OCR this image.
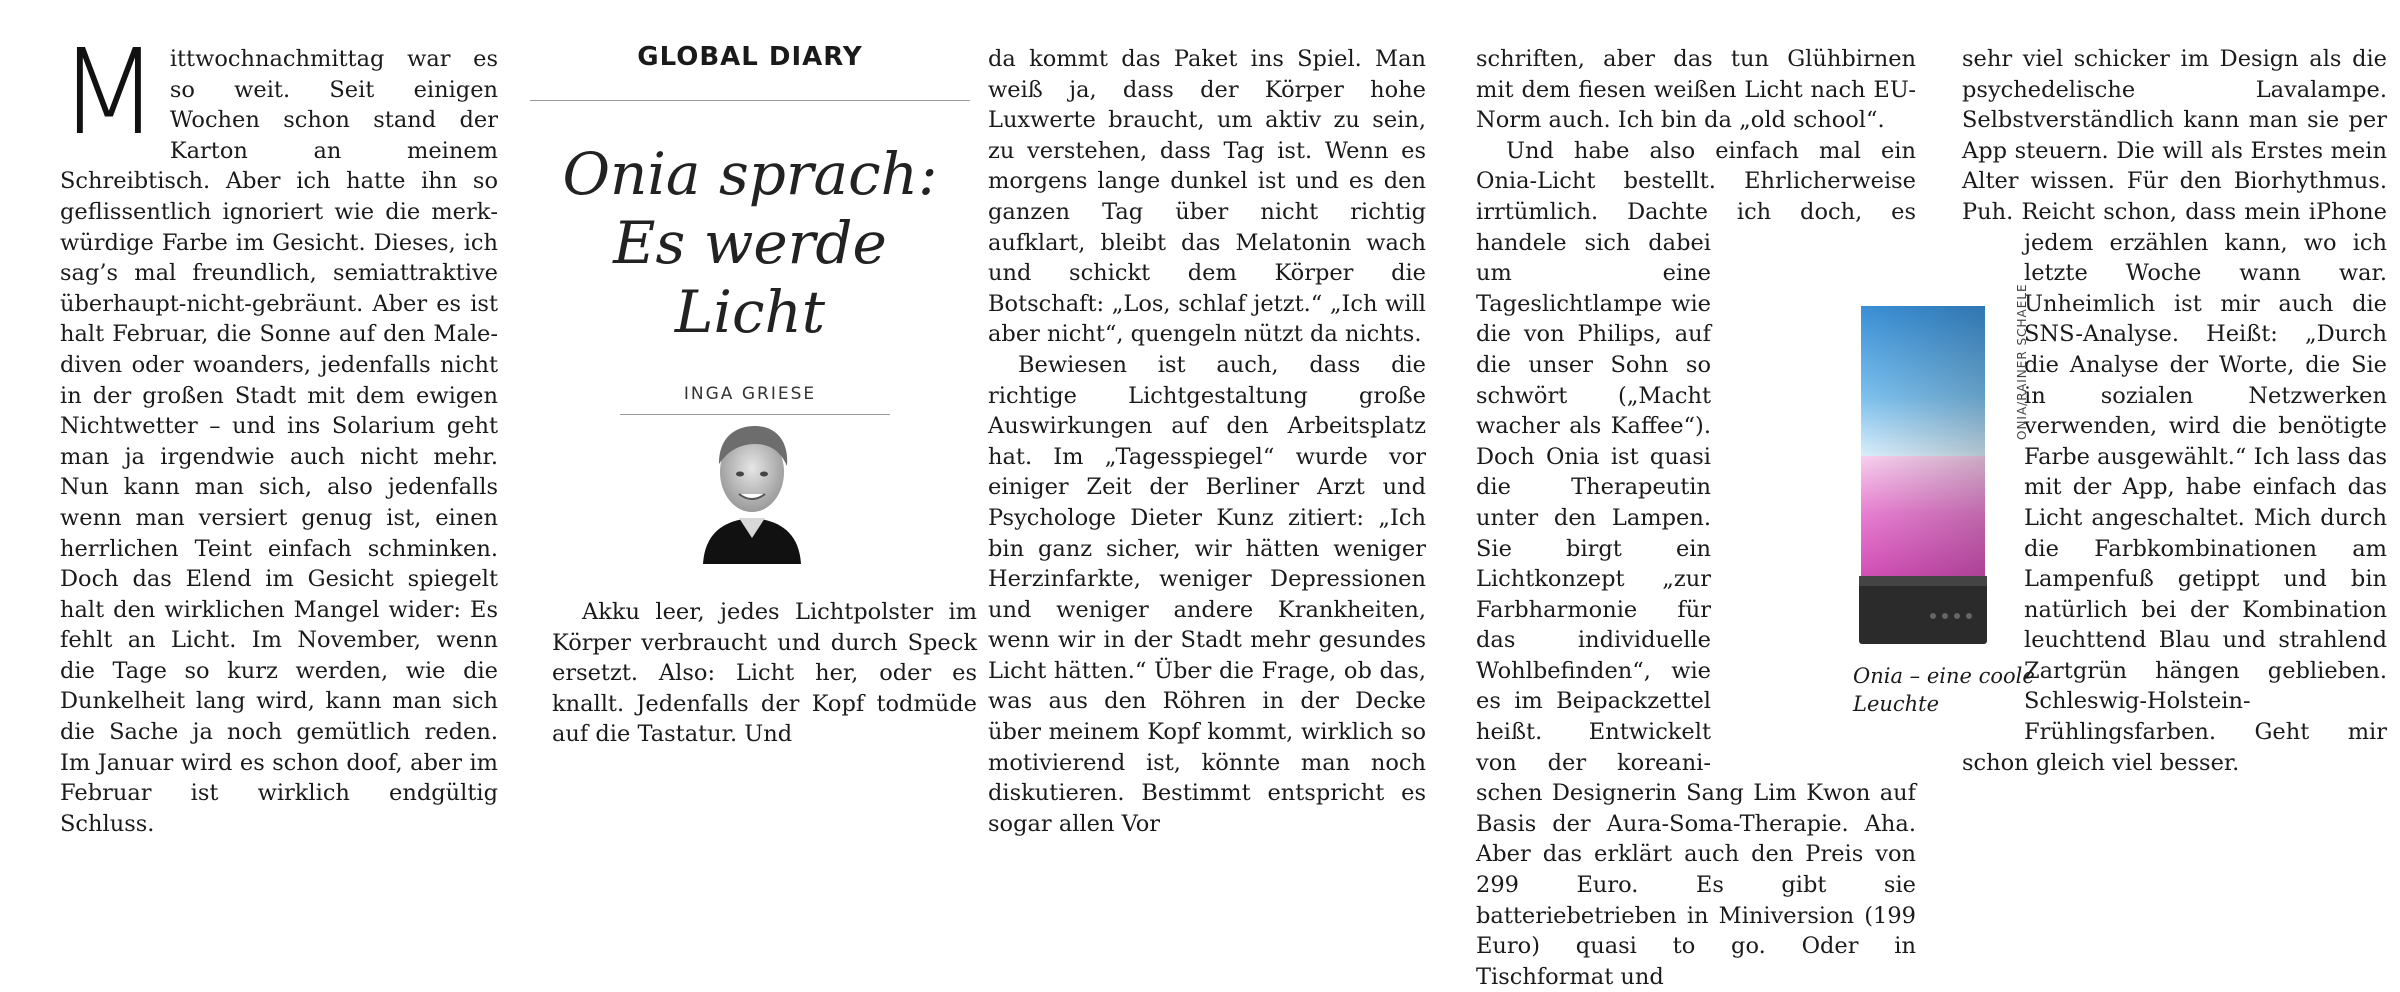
Mittwochnachmittag war es so weit. Seit einigen Wochen schon stand der Karton an meinem Schreibtisch. Aber ich hatte ihn so geflissentlich ignoriert wie die merkwürdige Farbe im Gesicht. Dieses, ich sag’s mal freundlich, semiattraktive überhaupt-nicht-gebräunt. Aber es ist halt Februar, die Sonne auf den Malediven oder woanders, jedenfalls nicht in der großen Stadt mit dem ewigen Nichtwetter – und ins Solarium geht man ja irgendwie auch nicht mehr. Nun kann man sich, also jedenfalls wenn man versiert genug ist, einen herrlichen Teint einfach schminken. Doch das Elend im Gesicht spiegelt halt den wirklichen Mangel wider: Es fehlt an Licht. Im November, wenn die Tage so kurz werden, wie die Dunkelheit lang wird, kann man sich die Sache ja noch gemütlich reden. Im Januar wird es schon doof, aber im Februar ist wirklich endgültig Schluss.

GLOBAL DIARY
Onia sprach:
Es werde
Licht
INGA GRIESE

Akku leer, jedes Lichtpolster im Körper verbraucht und durch Speck ersetzt. Also: Licht her, oder es knallt. Jedenfalls der Kopf todmüde auf die Tastatur. Und

da kommt das Paket ins Spiel. Man weiß ja, dass der Körper hohe Luxwerte braucht, um aktiv zu sein, zu verstehen, dass Tag ist. Wenn es morgens lange dunkel ist und es den ganzen Tag über nicht richtig aufklart, bleibt das Melatonin wach und schickt dem Körper die Botschaft: „Los, schlaf jetzt.“ „Ich will aber nicht“, quengeln nützt da nichts.

Bewiesen ist auch, dass die richtige Lichtgestaltung große Auswirkungen auf den Arbeitsplatz hat. Im „Tagesspiegel“ wurde vor einiger Zeit der Berliner Arzt und Psychologe Dieter Kunz zitiert: „Ich bin ganz sicher, wir hätten weniger Herzinfarkte, weniger Depressionen und weniger andere Krankheiten, wenn wir in der Stadt mehr gesundes Licht hätten.“ Über die Frage, ob das, was aus den Röhren in der Decke über meinem Kopf kommt, wirklich so motivierend ist, könnte man noch diskutieren. Bestimmt entspricht es sogar allen Vor

schriften, aber das tun Glühbirnen mit dem fiesen weißen Licht nach EU-Norm auch. Ich bin da „old school“.

Und habe also einfach mal ein Onia-Licht bestellt. Ehrlicherweise irrtümlich. Dachte ich doch, es handele sich dabei um eine Tageslichtlampe wie die von Philips, auf die unser Sohn so schwört („Macht wacher als Kaffee“). Doch Onia ist quasi die Therapeutin unter den Lampen. Sie birgt ein Lichtkonzept „zur Farbharmonie für das individuelle Wohlbefinden“, wie es im Beipackzettel heißt. Entwickelt von der koreanischen Designerin Sang Lim Kwon auf Basis der Aura-Soma-Therapie. Aha. Aber das erklärt auch den Preis von 299 Euro. Es gibt sie batteriebetrieben in Miniversion (199 Euro) quasi to go. Oder in Tischformat und

sehr viel schicker im Design als die psychedelische Lavalampe. Selbstverständlich kann man sie per App steuern. Die will als Erstes mein Alter wissen. Für den Biorhythmus. Puh. Reicht schon, dass mein iPhone jedem erzählen kann, wo ich letzte Woche wann war. Unheimlich ist mir auch die SNS-Analyse. Heißt: „Durch die Analyse der Worte, die Sie in sozialen Netzwerken verwenden, wird die benötigte Farbe ausgewählt.“ Ich lass das mit der App, habe einfach das Licht angeschaltet. Mich durch die Farbkombinationen am Lampenfuß getippt und bin natürlich bei der Kombination leuchttend Blau und strahlend Zartgrün hängen geblieben. Schleswig-Holstein-Frühlingsfarben. Geht mir schon gleich viel besser.

ONIA/RAINER SCHAELE
Onia – eine coole
Leuchte
